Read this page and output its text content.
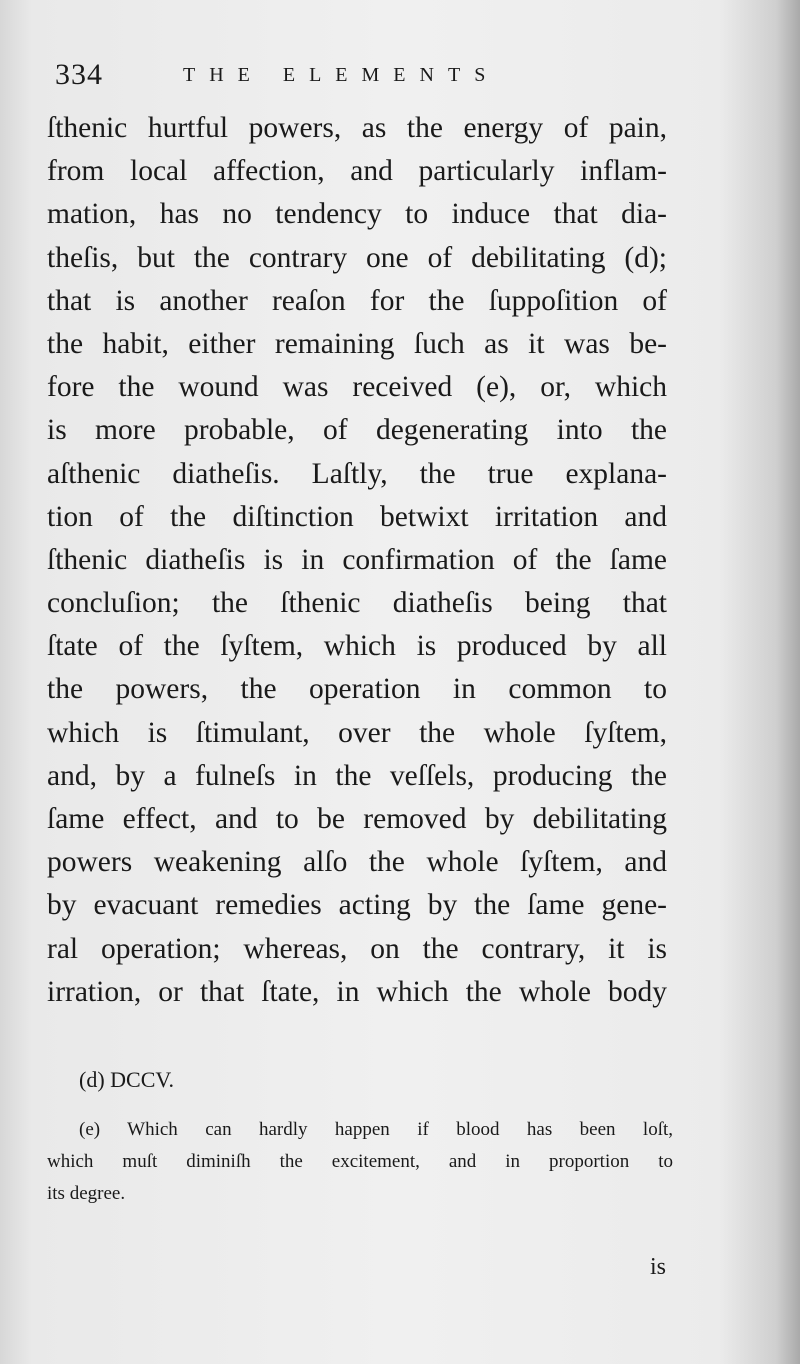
334	THE ELEMENTS
ſthenic hurtful powers, as the energy of pain,
from local affection, and particularly inflam-
mation, has no tendency to induce that dia-
theſis, but the contrary one of debilitating (d);
that is another reaſon for the ſuppoſition of
the habit, either remaining ſuch as it was be-
fore the wound was received (e), or, which
is more probable, of degenerating into the
aſthenic diatheſis. Laſtly, the true explana-
tion of the diſtinction betwixt irritation and
ſthenic diatheſis is in confirmation of the ſame
concluſion; the ſthenic diatheſis being that
ſtate of the ſyſtem, which is produced by all
the powers, the operation in common to
which is ſtimulant, over the whole ſyſtem,
and, by a fulneſs in the veſſels, producing the
ſame effect, and to be removed by debilitating
powers weakening alſo the whole ſyſtem, and
by evacuant remedies acting by the ſame gene-
ral operation; whereas, on the contrary, it is
irration, or that ſtate, in which the whole body
(d) DCCV.
(e) Which can hardly happen if blood has been loſt,
which muſt diminiſh the excitement, and in proportion to
its degree.
is
